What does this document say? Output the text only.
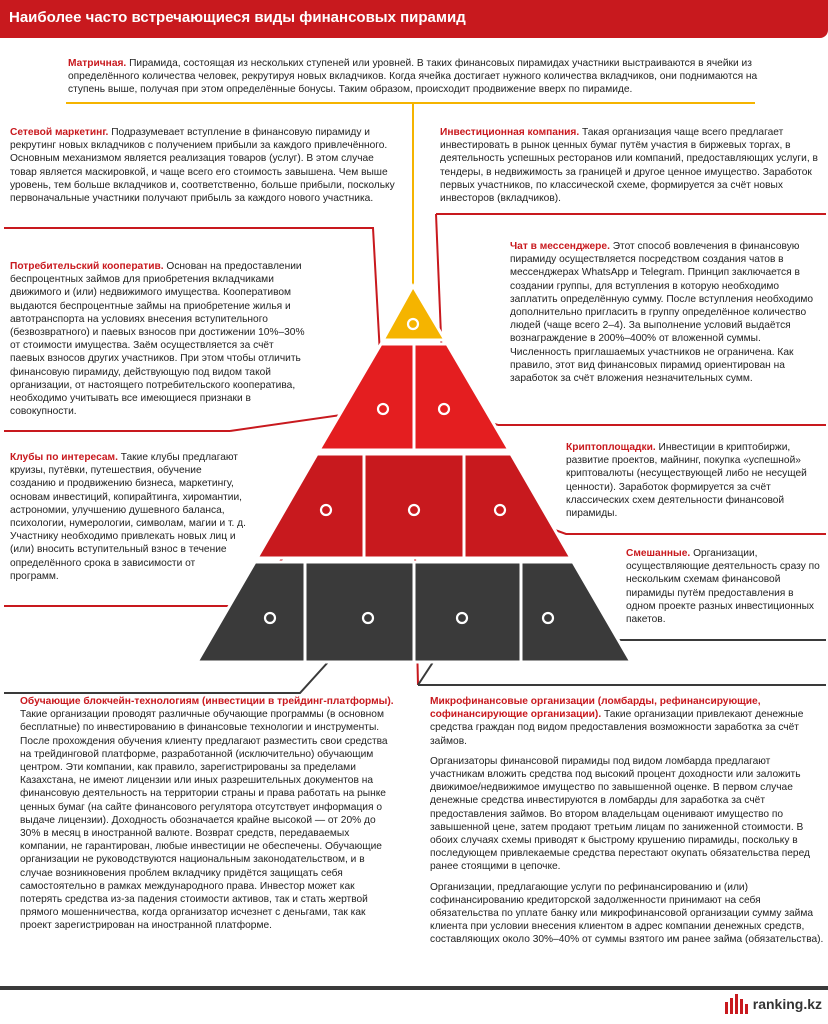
Наиболее часто встречающиеся виды финансовых пирамид

Матричная. Пирамида, состоящая из нескольких ступеней или уровней. В таких финансовых пирамидах участники выстраиваются в ячейки из определённого количества человек, рекрутируя новых вкладчиков. Когда ячейка достигает нужного количества вкладчиков, они поднимаются на ступень выше, получая при этом определённые бонусы. Таким образом, происходит продвижение вверх по пирамиде.

Сетевой маркетинг. Подразумевает вступление в финансовую пирамиду и рекрутинг новых вкладчиков с получением прибыли за каждого привлечённого. Основным механизмом является реализация товаров (услуг). В этом случае товар является маскировкой, и чаще всего его стоимость завышена. Чем выше уровень, тем больше вкладчиков и, соответственно, больше прибыли, поскольку первоначальные участники получают прибыль за каждого нового участника.

Инвестиционная компания. Такая организация чаще всего предлагает инвестировать в рынок ценных бумаг путём участия в биржевых торгах, в деятельность успешных ресторанов или компаний, предоставляющих услуги, в тендеры, в недвижимость за границей и другое ценное имущество. Заработок первых участников, по классической схеме, формируется за счёт новых инвесторов (вкладчиков).

Потребительский кооператив. Основан на предоставлении беспроцентных займов для приобретения вкладчиками движимого и (или) недвижимого имущества. Кооперативом выдаются беспроцентные займы на приобретение жилья и автотранспорта на условиях внесения вступительного (безвозвратного) и паевых взносов при достижении 10%–30% от стоимости имущества. Заём осуществляется за счёт паевых взносов других участников. При этом чтобы отличить финансовую пирамиду, действующую под видом такой организации, от настоящего потребительского кооператива, необходимо учитывать все имеющиеся признаки в совокупности.

Чат в мессенджере. Этот способ вовлечения в финансовую пирамиду осуществляется посредством создания чатов в мессенджерах WhatsApp и Telegram. Принцип заключается в создании группы, для вступления в которую необходимо заплатить определённую сумму. После вступления необходимо дополнительно пригласить в группу определённое количество людей (чаще всего 2–4). За выполнение условий выдаётся вознаграждение в 200%–400% от вложенной суммы. Численность приглашаемых участников не ограничена. Как правило, этот вид финансовых пирамид ориентирован на заработок за счёт вложения незначительных сумм.

Клубы по интересам. Такие клубы предлагают круизы, путёвки, путешествия, обучение созданию и продвижению бизнеса, маркетингу, основам инвестиций, копирайтинга, хиромантии, астрономии, улучшению душевного баланса, психологии, нумерологии, символам, магии и т. д. Участнику необходимо привлекать новых лиц и (или) вносить вступительный взнос в течение определённого срока в зависимости от программ.

Криптоплощадки. Инвестиции в криптобиржи, развитие проектов, майнинг, покупка «успешной» криптовалюты (несуществующей либо не несущей ценности). Заработок формируется за счёт классических схем деятельности финансовой пирамиды.

Смешанные. Организации, осуществляющие деятельность сразу по нескольким схемам финансовой пирамиды путём предоставления в одном проекте разных инвестиционных пакетов.

Обучающие блокчейн-технологиям (инвестиции в трейдинг-платформы).

Такие организации проводят различные обучающие программы (в основном бесплатные) по инвестированию в финансовые технологии и инструменты. После прохождения обучения клиенту предлагают разместить свои средства на трейдинговой платформе, разработанной (исключительно) обучающим центром. Эти компании, как правило, зарегистрированы за пределами Казахстана, не имеют лицензии или иных разрешительных документов на финансовую деятельность на территории страны и права работать на рынке ценных бумаг (на сайте финансового регулятора отсутствует информация о выдаче лицензии). Доходность обозначается крайне высокой — от 20% до 30% в месяц в иностранной валюте. Возврат средств, передаваемых компании, не гарантирован, любые инвестиции не обеспечены. Обучающие организации не руководствуются национальным законодательством, и в случае возникновения проблем вкладчику придётся защищать себя самостоятельно в рамках международного права. Инвестор может как потерять средства из-за падения стоимости активов, так и стать жертвой прямого мошенничества, когда организатор исчезнет с деньгами, так как проект зарегистрирован на иностранной платформе.

Микрофинансовые организации (ломбарды, рефинансирующие, софинансирующие организации). Такие организации привлекают денежные средства граждан под видом предоставления возможности заработка за счёт займов.

Организаторы финансовой пирамиды под видом ломбарда предлагают участникам вложить средства под высокий процент доходности или заложить движимое/недвижимое имущество по завышенной оценке. В первом случае денежные средства инвестируются в ломбарды для заработка за счёт предоставления займов. Во втором владельцам оценивают имущество по завышенной цене, затем продают третьим лицам по заниженной стоимости. В обоих случаях схемы приводят к быстрому крушению пирамиды, поскольку в последующем привлекаемые средства перестают окупать обязательства перед ранее стоящими в цепочке.

Организации, предлагающие услуги по рефинансированию и (или) софинансированию кредиторской задолженности принимают на себя обязательства по уплате банку или микрофинансовой организации сумму займа клиента при условии внесения клиентом в адрес компании денежных средств, составляющих около 30%–40% от суммы взятого им ранее займа (обязательства).

ranking.kz
